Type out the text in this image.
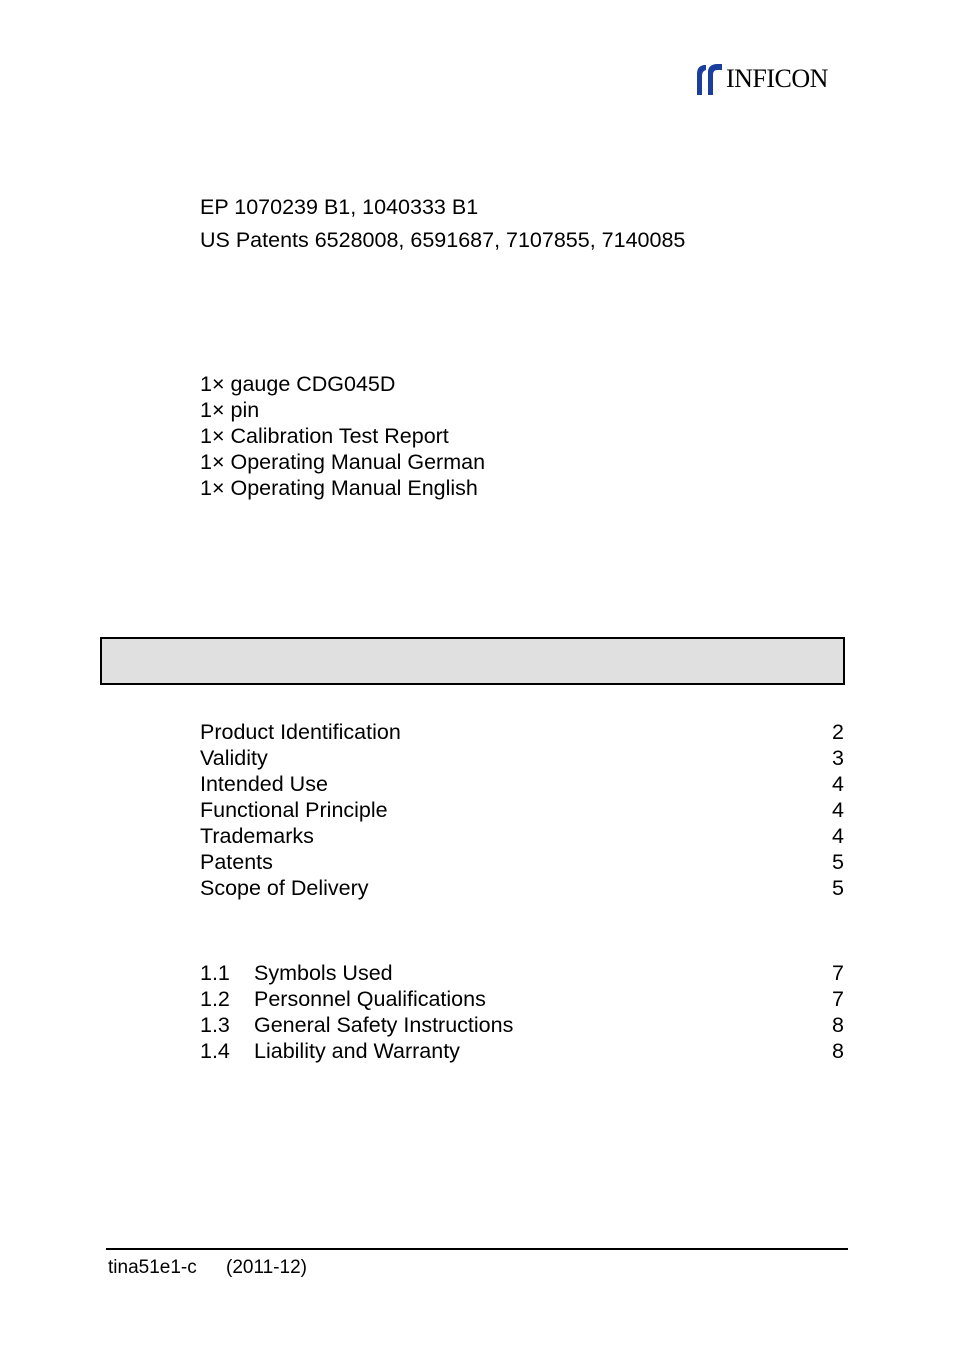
INFICON
EP 1070239 B1, 1040333 B1
US Patents 6528008, 6591687, 7107855, 7140085
1× gauge CDG045D
1× pin
1× Calibration Test Report
1× Operating Manual German
1× Operating Manual English
Product Identification	2
Validity	3
Intended Use	4
Functional Principle	4
Trademarks	4
Patents	5
Scope of Delivery	5
1.1 Symbols Used	7
1.2 Personnel Qualifications	7
1.3 General Safety Instructions	8
1.4 Liability and Warranty	8
tina51e1-c (2011-12)
